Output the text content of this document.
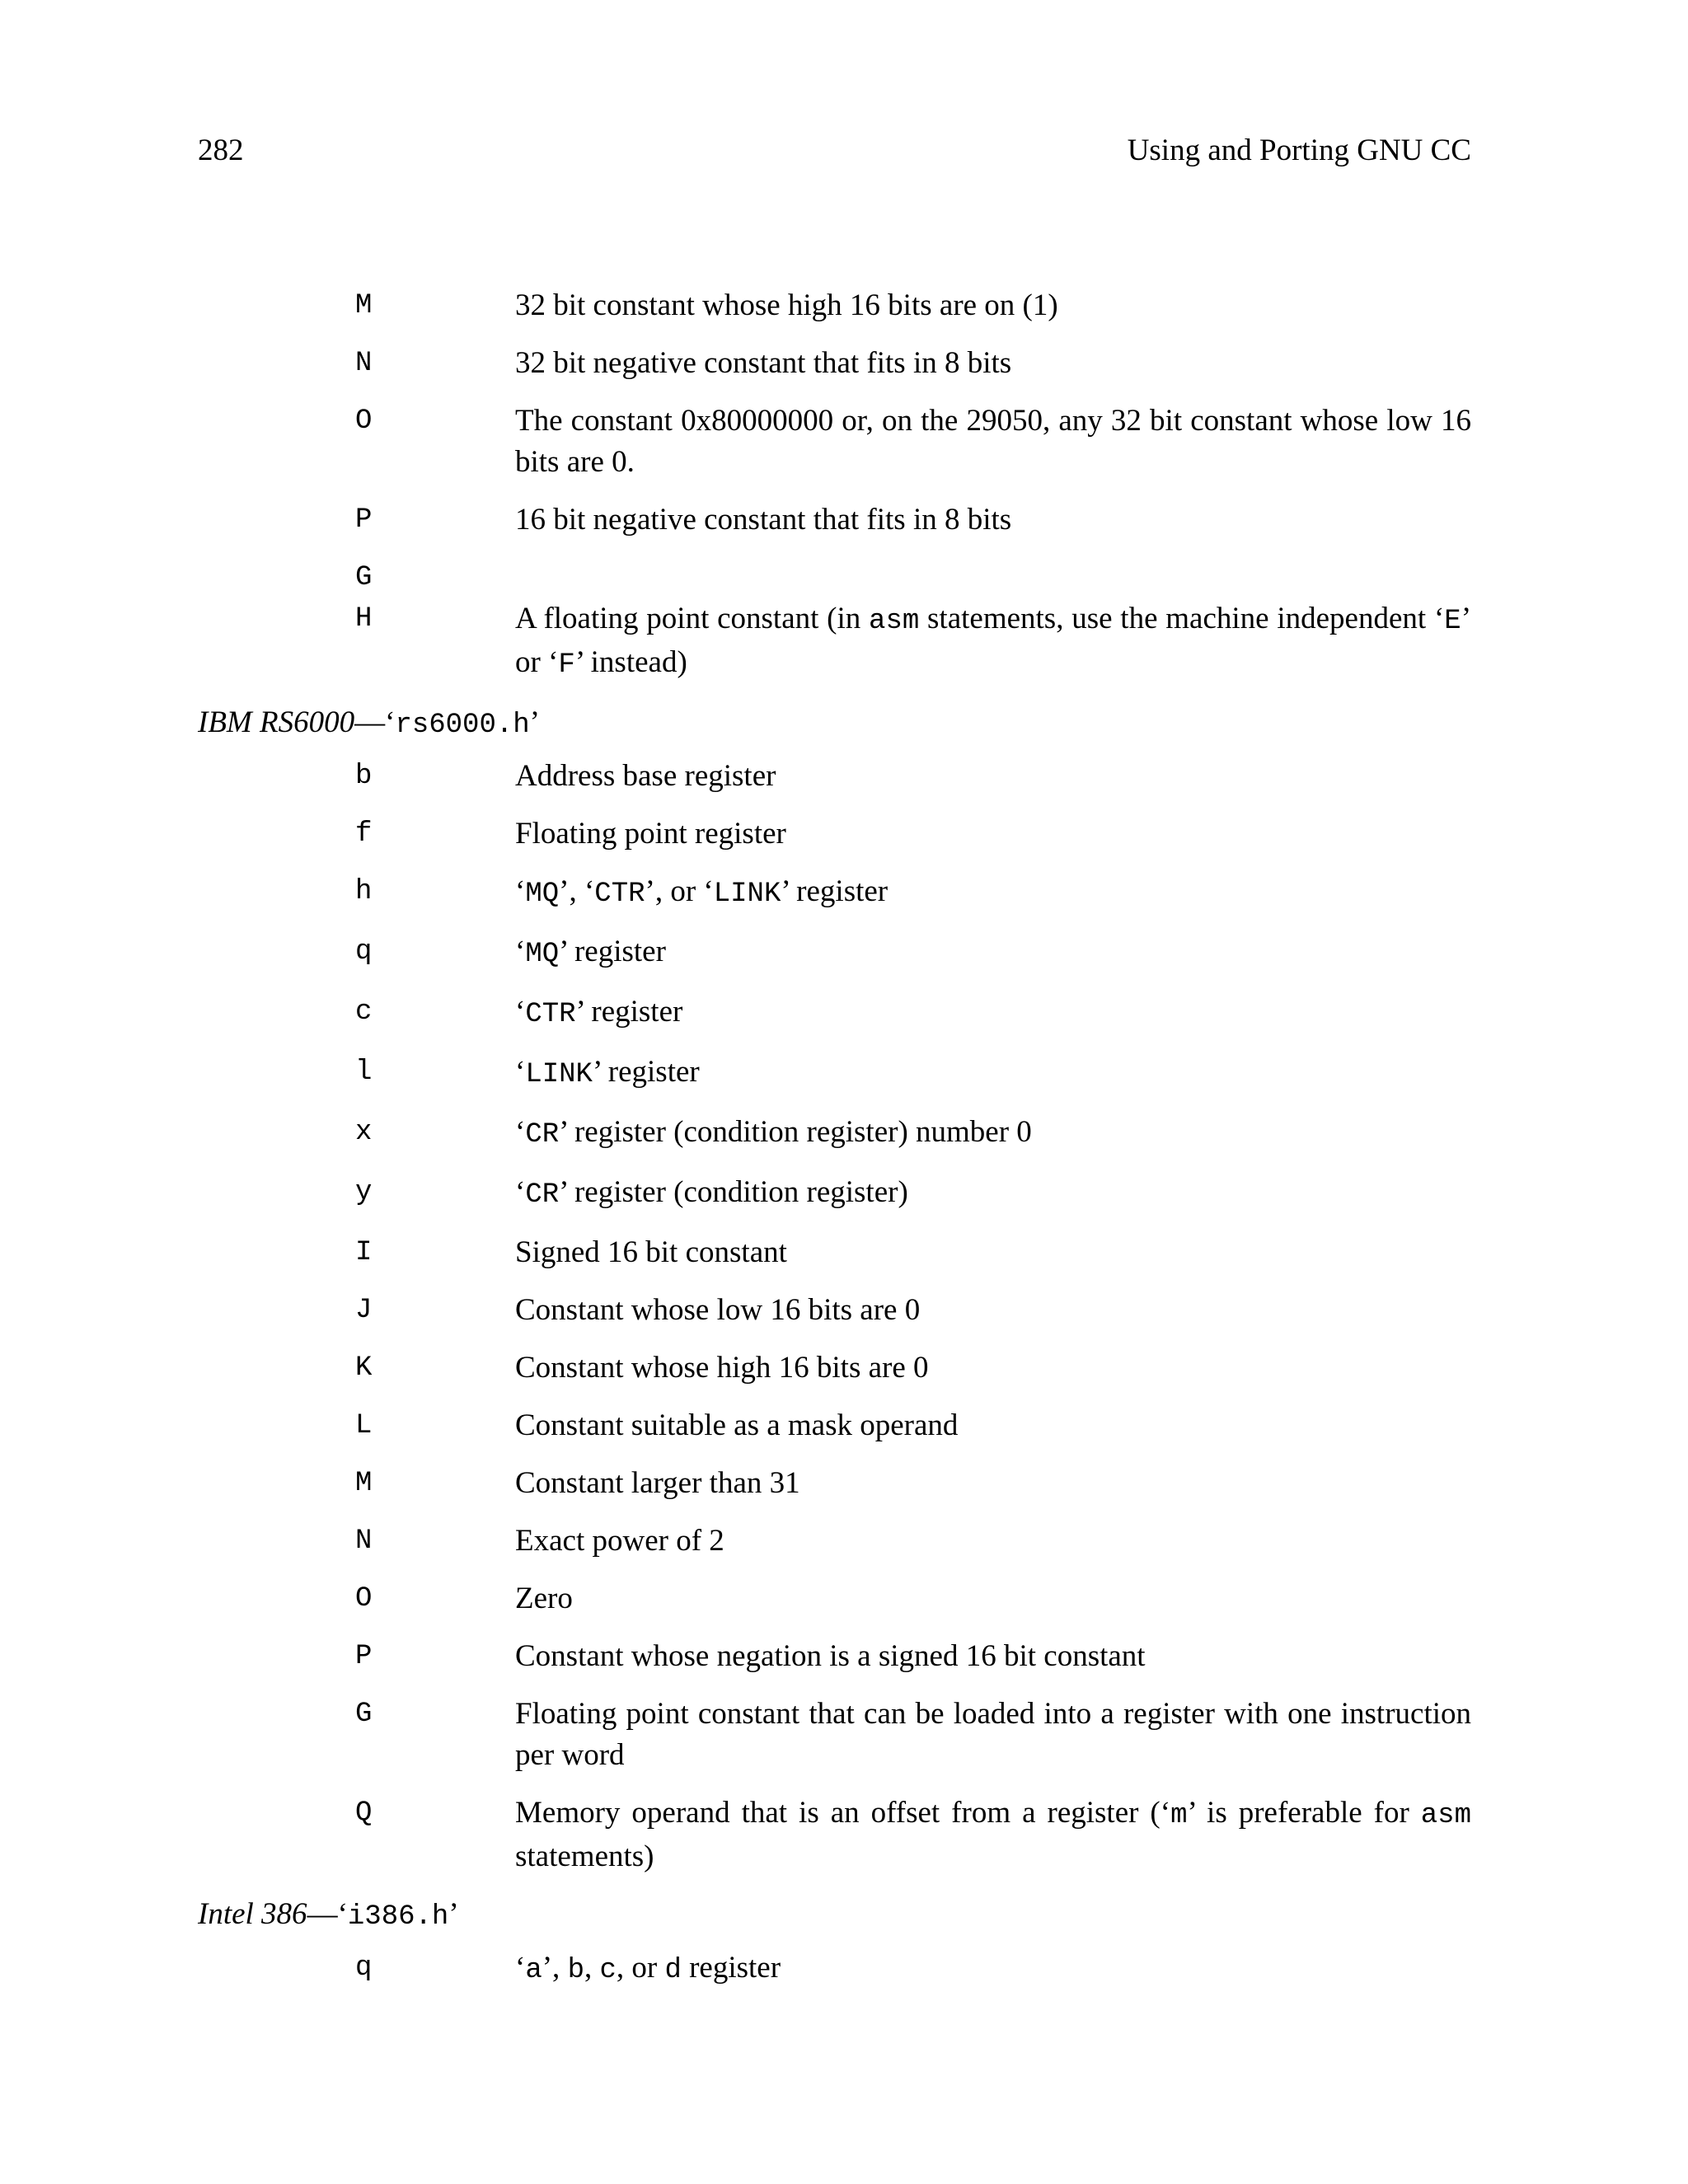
282	Using and Porting GNU CC
M	32 bit constant whose high 16 bits are on (1)
N	32 bit negative constant that fits in 8 bits
O	The constant 0x80000000 or, on the 29050, any 32 bit constant whose low 16 bits are 0.
P	16 bit negative constant that fits in 8 bits
G
H	A floating point constant (in asm statements, use the machine independent ‘E’ or ‘F’ instead)
IBM RS6000—‘rs6000.h’
b	Address base register
f	Floating point register
h	‘MQ’, ‘CTR’, or ‘LINK’ register
q	‘MQ’ register
c	‘CTR’ register
l	‘LINK’ register
x	‘CR’ register (condition register) number 0
y	‘CR’ register (condition register)
I	Signed 16 bit constant
J	Constant whose low 16 bits are 0
K	Constant whose high 16 bits are 0
L	Constant suitable as a mask operand
M	Constant larger than 31
N	Exact power of 2
O	Zero
P	Constant whose negation is a signed 16 bit constant
G	Floating point constant that can be loaded into a register with one instruction per word
Q	Memory operand that is an offset from a register (‘m’ is preferable for asm statements)
Intel 386—‘i386.h’
q	‘a’, b, c, or d register
